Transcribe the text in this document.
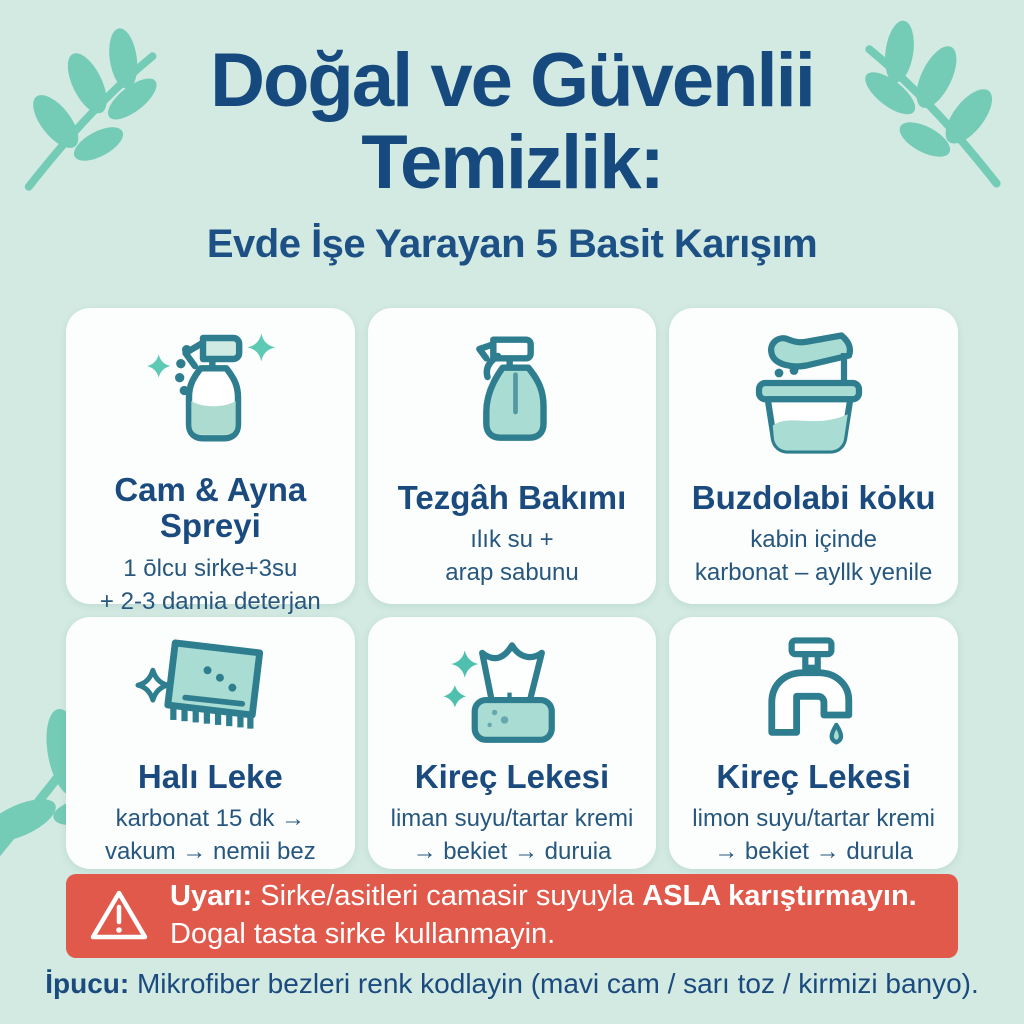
Doğal ve Güvenlii
Temizlik:
Evde İşe Yarayan 5 Basit Karışım
Cam & Ayna Spreyi
1 ōlcu sirke+3su
+ 2-3 damia deterjan
Tezgâh Bakımı
ılık su +
arap sabunu
Buzdolabi kȯku
kabin içinde
karbonat – ayllk yenile
Halı Leke
karbonat 15 dk →
vakum → nemii bez
Kireç Lekesi
liman suyu/tartar kremi
→ bekiet → duruia
Kireç Lekesi
limon suyu/tartar kremi
→ bekiet → durula
Uyarı: Sirke/asitleri camasir suyuyla ASLA karıştırmayın.
Dogal tasta sirke kullanmayin.
İpucu: Mikrofiber bezleri renk kodlayin (mavi cam / sarı toz / kirmizi banyo).
